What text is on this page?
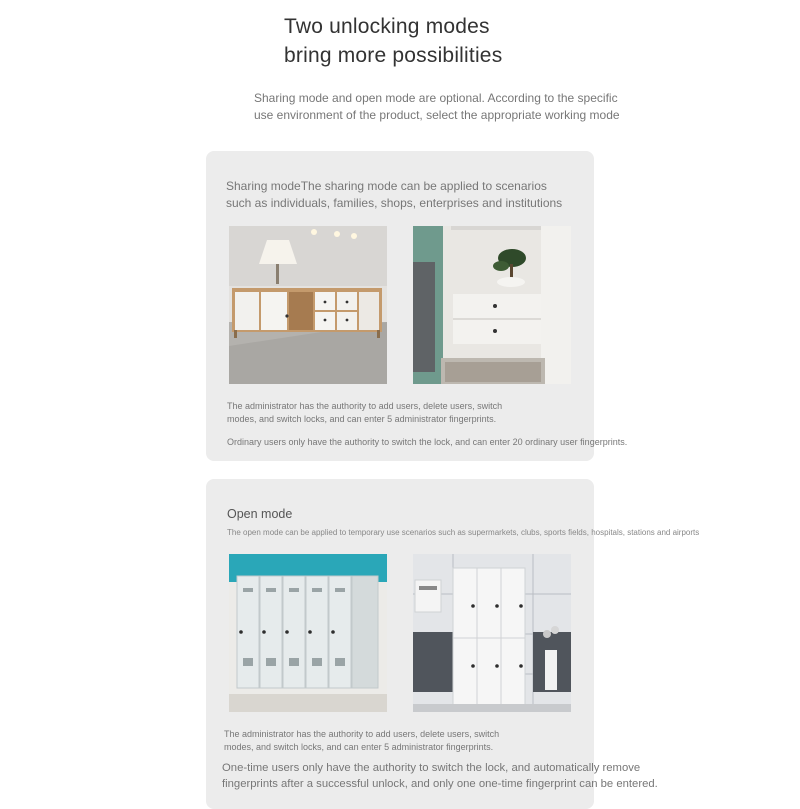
Two unlocking modes
bring more possibilities
Sharing mode and open mode are optional. According to the specific
use environment of the product, select the appropriate working mode
Sharing modeThe sharing mode can be applied to scenarios
such as individuals, families, shops, enterprises and institutions
The administrator has the authority to add users, delete users, switch
modes, and switch locks, and can enter 5 administrator fingerprints.
Ordinary users only have the authority to switch the lock, and can enter 20 ordinary user fingerprints.
Open mode
The open mode can be applied to temporary use scenarios such as supermarkets, clubs, sports fields, hospitals, stations and airports
The administrator has the authority to add users, delete users, switch
modes, and switch locks, and can enter 5 administrator fingerprints.
One-time users only have the authority to switch the lock, and automatically remove
fingerprints after a successful unlock, and only one one-time fingerprint can be entered.
